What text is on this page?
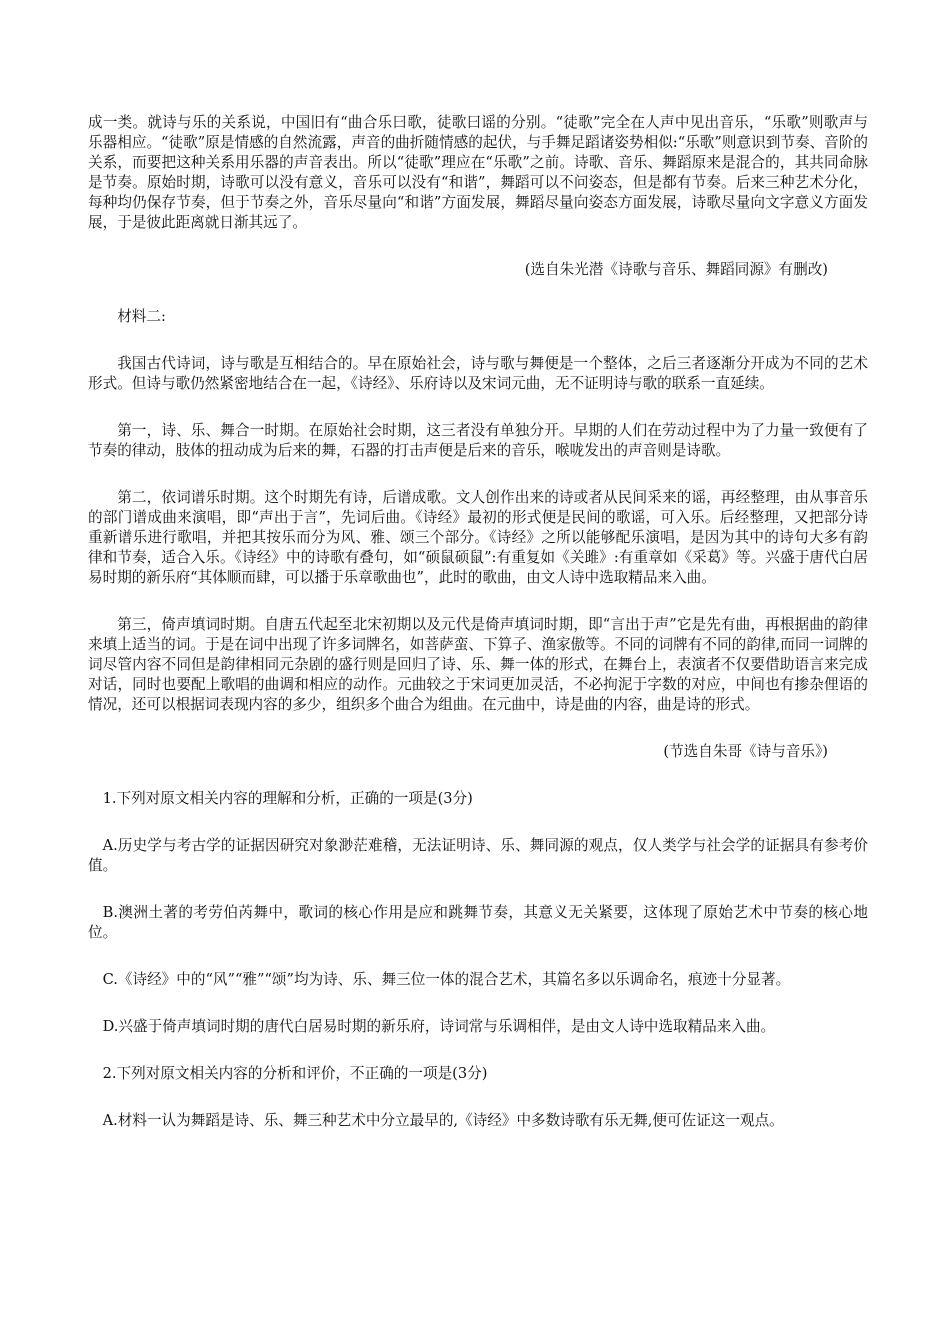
成一类。就诗与乐的关系说，中国旧有“曲合乐曰歌，徒歌曰谣的分别。“徒歌”完全在人声中见出音乐，“乐歌”则歌声与乐器相应。“徒歌”原是情感的自然流露，声音的曲折随情感的起伏，与手舞足蹈诸姿势相似:“乐歌”则意识到节奏、音阶的关系，而要把这种关系用乐器的声音表出。所以“徒歌”理应在“乐歌”之前。诗歌、音乐、舞蹈原来是混合的，其共同命脉是节奏。原始时期，诗歌可以没有意义，音乐可以没有“和谐”，舞蹈可以不问姿态，但是都有节奏。后来三种艺术分化，每种均仍保存节奏，但于节奏之外，音乐尽量向“和谐”方面发展，舞蹈尽量向姿态方面发展，诗歌尽量向文字意义方面发展，于是彼此距离就日渐其远了。

(选自朱光潜《诗歌与音乐、舞蹈同源》有删改)

材料二:

我国古代诗词，诗与歌是互相结合的。早在原始社会，诗与歌与舞便是一个整体，之后三者逐渐分开成为不同的艺术形式。但诗与歌仍然紧密地结合在一起，《诗经》、乐府诗以及宋词元曲，无不证明诗与歌的联系一直延续。

第一，诗、乐、舞合一时期。在原始社会时期，这三者没有单独分开。早期的人们在劳动过程中为了力量一致便有了节奏的律动，肢体的扭动成为后来的舞，石器的打击声便是后来的音乐，喉咙发出的声音则是诗歌。

第二，依词谱乐时期。这个时期先有诗，后谱成歌。文人创作出来的诗或者从民间采来的谣，再经整理，由从事音乐的部门谱成曲来演唱，即“声出于言”，先词后曲。《诗经》最初的形式便是民间的歌谣，可入乐。后经整理，又把部分诗重新谱乐进行歌唱，并把其按乐而分为风、雅、颂三个部分。《诗经》之所以能够配乐演唱，是因为其中的诗句大多有韵律和节奏，适合入乐。《诗经》中的诗歌有叠句，如“硕鼠硕鼠”:有重复如《关雎》:有重章如《采葛》等。兴盛于唐代白居易时期的新乐府“其体顺而肆，可以播于乐章歌曲也”，此时的歌曲，由文人诗中选取精品来入曲。

第三，倚声填词时期。自唐五代起至北宋初期以及元代是倚声填词时期，即“言出于声”它是先有曲，再根据曲的韵律来填上适当的词。于是在词中出现了许多词牌名，如菩萨蛮、下算子、渔家傲等。不同的词牌有不同的韵律,而同一词牌的词尽管内容不同但是韵律相同元杂剧的盛行则是回归了诗、乐、舞一体的形式，在舞台上，表演者不仅要借助语言来完成对话，同时也要配上歌唱的曲调和相应的动作。元曲较之于宋词更加灵活，不必拘泥于字数的对应，中间也有掺杂俚语的情况，还可以根据词表现内容的多少，组织多个曲合为组曲。在元曲中，诗是曲的内容，曲是诗的形式。

(节选自朱哥《诗与音乐》)

1.下列对原文相关内容的理解和分析，正确的一项是(3分)

A.历史学与考古学的证据因研究对象渺茫难稽，无法证明诗、乐、舞同源的观点，仅人类学与社会学的证据具有参考价值。

B.澳洲土著的考劳伯芮舞中，歌词的核心作用是应和跳舞节奏，其意义无关紧要，这体现了原始艺术中节奏的核心地位。

C.《诗经》中的“风”“雅”“颂”均为诗、乐、舞三位一体的混合艺术，其篇名多以乐调命名，痕迹十分显著。

D.兴盛于倚声填词时期的唐代白居易时期的新乐府，诗词常与乐调相伴，是由文人诗中选取精品来入曲。

2.下列对原文相关内容的分析和评价，不正确的一项是(3分)

A.材料一认为舞蹈是诗、乐、舞三种艺术中分立最早的,《诗经》中多数诗歌有乐无舞,便可佐证这一观点。
